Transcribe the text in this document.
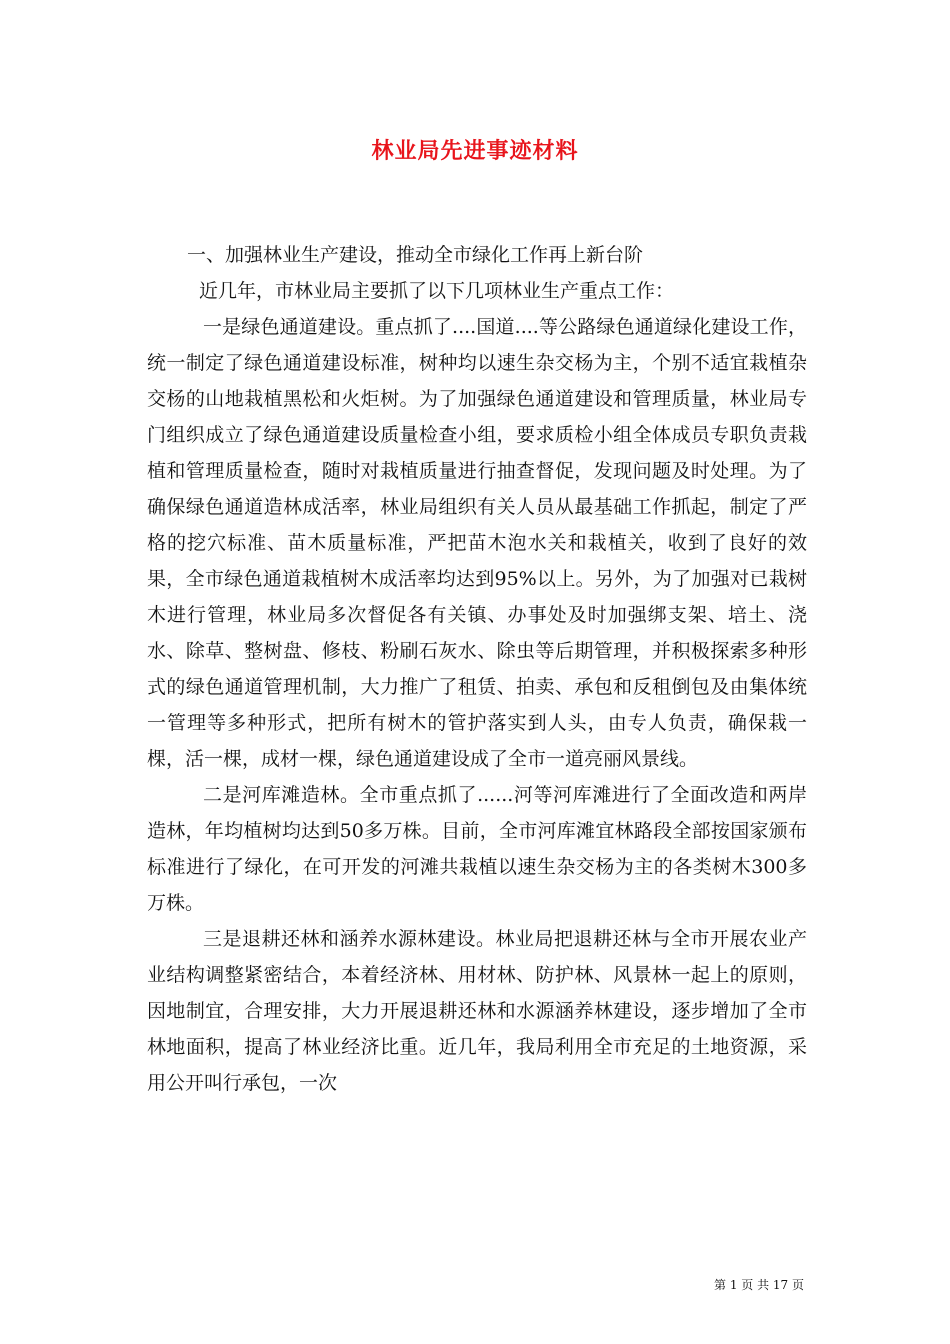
林业局先进事迹材料

一、加强林业生产建设，推动全市绿化工作再上新台阶

近几年，市林业局主要抓了以下几项林业生产重点工作：

一是绿色通道建设。重点抓了....国道....等公路绿色通道绿化建设工作，统一制定了绿色通道建设标准，树种均以速生杂交杨为主，个别不适宜栽植杂交杨的山地栽植黑松和火炬树。为了加强绿色通道建设和管理质量，林业局专门组织成立了绿色通道建设质量检查小组，要求质检小组全体成员专职负责栽植和管理质量检查，随时对栽植质量进行抽查督促，发现问题及时处理。为了确保绿色通道造林成活率，林业局组织有关人员从最基础工作抓起，制定了严格的挖穴标准、苗木质量标准，严把苗木泡水关和栽植关，收到了良好的效果，全市绿色通道栽植树木成活率均达到95%以上。另外，为了加强对已栽树木进行管理，林业局多次督促各有关镇、办事处及时加强绑支架、培土、浇水、除草、整树盘、修枝、粉刷石灰水、除虫等后期管理，并积极探索多种形式的绿色通道管理机制，大力推广了租赁、拍卖、承包和反租倒包及由集体统一管理等多种形式，把所有树木的管护落实到人头，由专人负责，确保栽一棵，活一棵，成材一棵，绿色通道建设成了全市一道亮丽风景线。

二是河库滩造林。全市重点抓了......河等河库滩进行了全面改造和两岸造林，年均植树均达到50多万株。目前，全市河库滩宜林路段全部按国家颁布标准进行了绿化，在可开发的河滩共栽植以速生杂交杨为主的各类树木300多万株。

三是退耕还林和涵养水源林建设。林业局把退耕还林与全市开展农业产业结构调整紧密结合，本着经济林、用材林、防护林、风景林一起上的原则，因地制宜，合理安排，大力开展退耕还林和水源涵养林建设，逐步增加了全市林地面积，提高了林业经济比重。近几年，我局利用全市充足的土地资源，采用公开叫行承包，一次

第 1 页 共 17 页
